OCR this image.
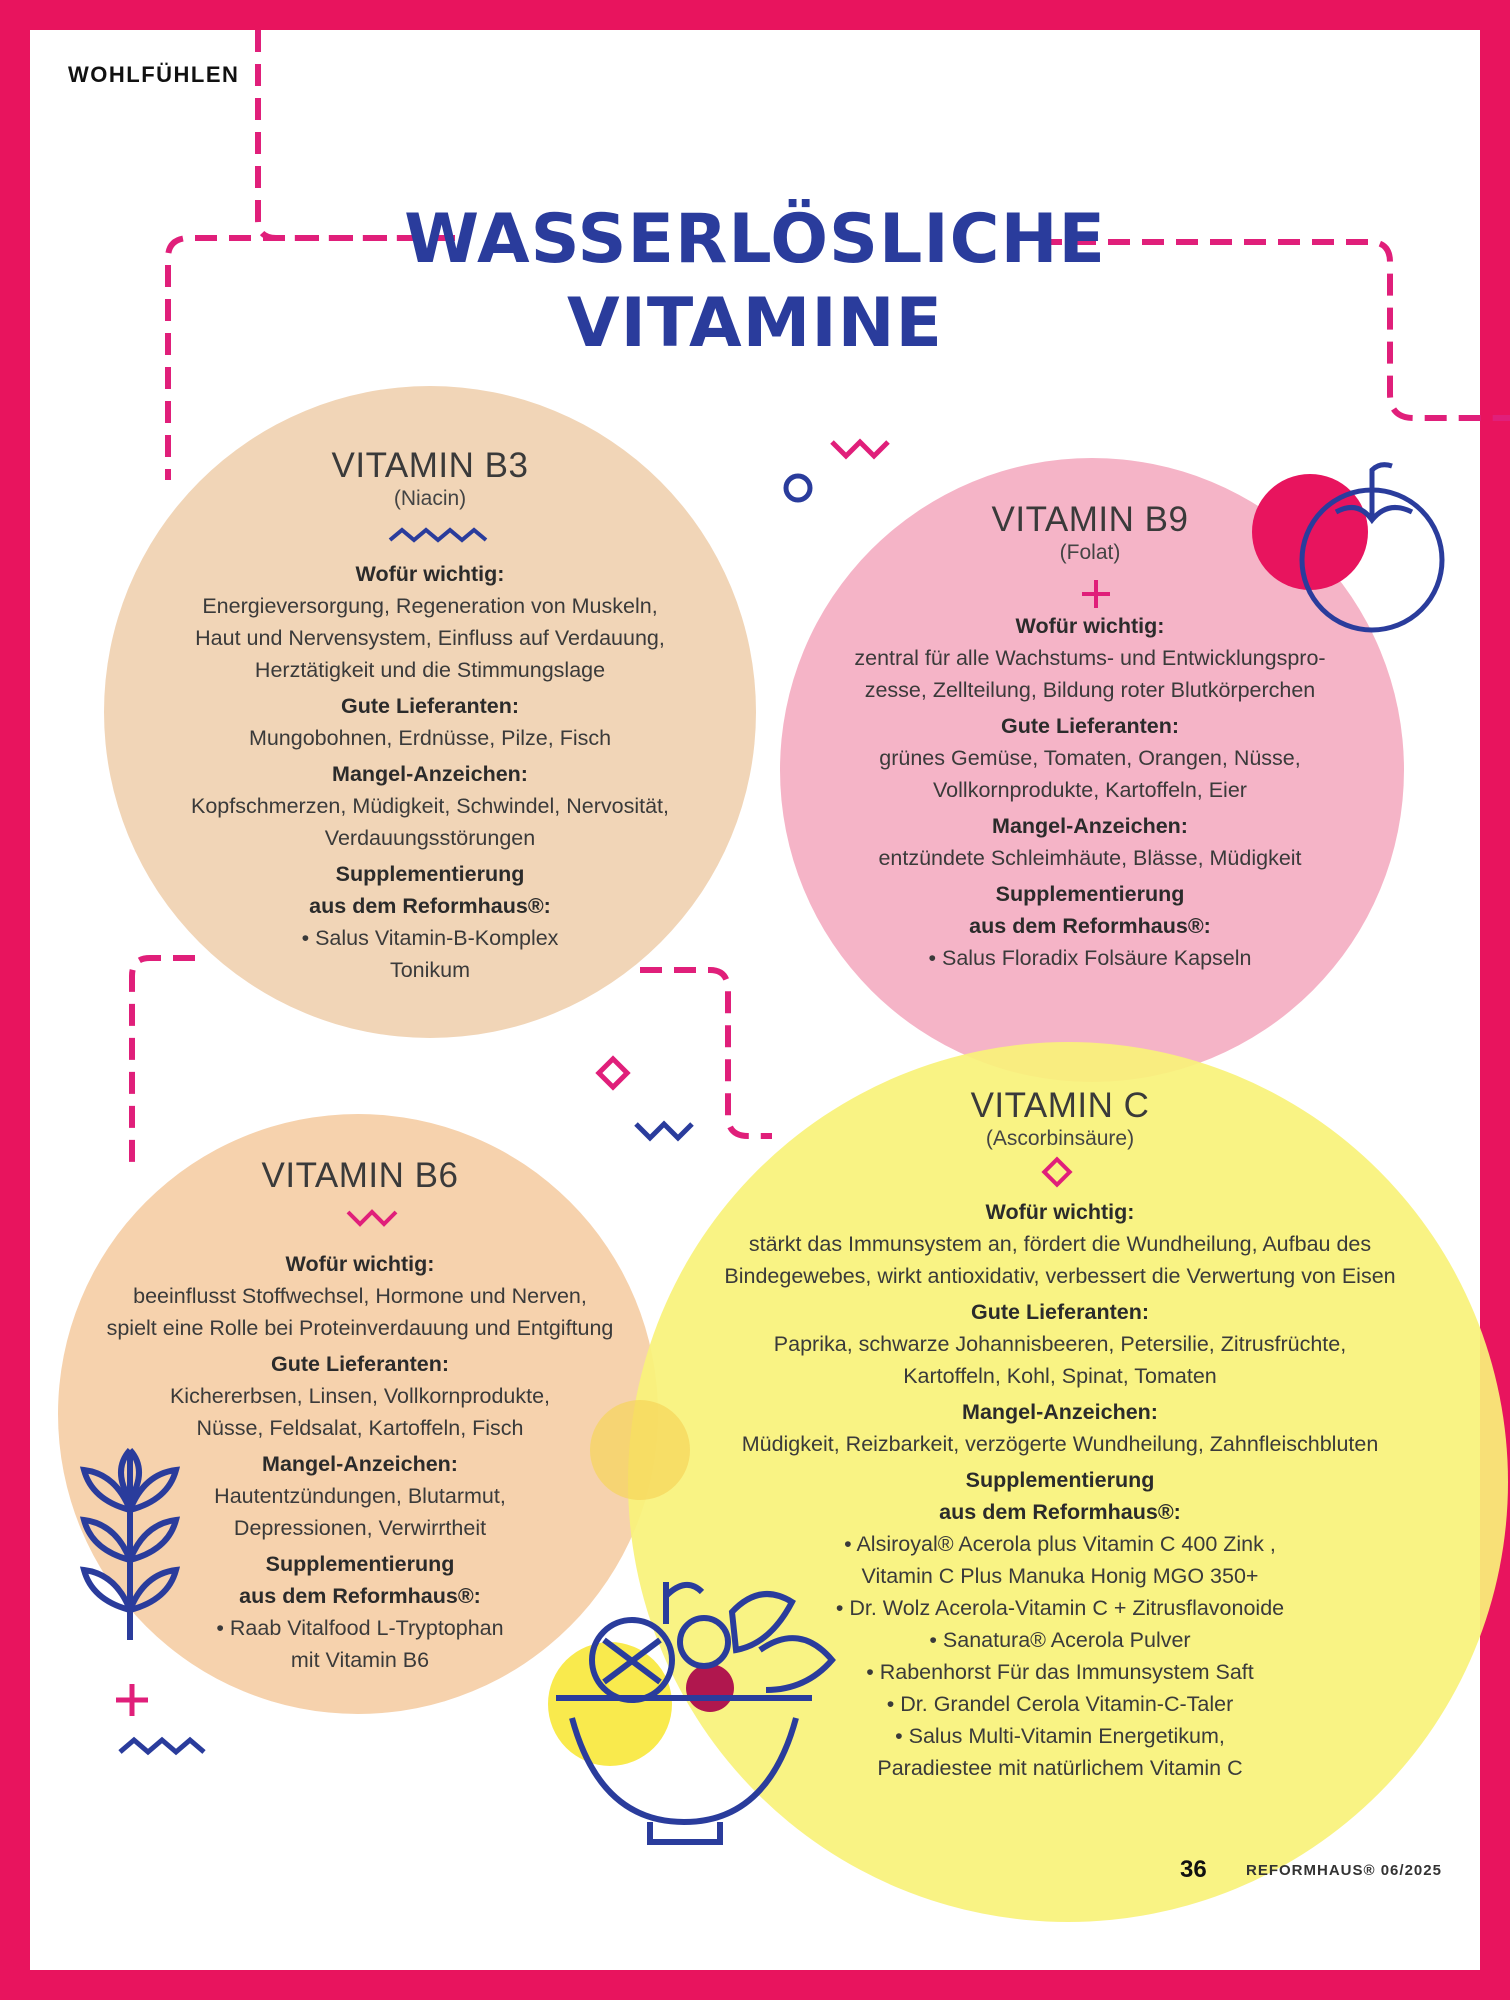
WOHLFÜHLEN
WASSERLÖSLICHE
VITAMINE
VITAMIN B3
(Niacin)
Wofür wichtig:
Energieversorgung, Regeneration von Muskeln,
Haut und Nervensystem, Einfluss auf Verdauung,
Herztätigkeit und die Stimmungslage
Gute Lieferanten:
Mungobohnen, Erdnüsse, Pilze, Fisch
Mangel-Anzeichen:
Kopfschmerzen, Müdigkeit, Schwindel, Nervosität,
Verdauungsstörungen
Supplementierung
aus dem Reformhaus®:
• Salus Vitamin-B-Komplex
Tonikum
VITAMIN B9
(Folat)
Wofür wichtig:
zentral für alle Wachstums- und Entwicklungspro-
zesse, Zellteilung, Bildung roter Blutkörperchen
Gute Lieferanten:
grünes Gemüse, Tomaten, Orangen, Nüsse,
Vollkornprodukte, Kartoffeln, Eier
Mangel-Anzeichen:
entzündete Schleimhäute, Blässe, Müdigkeit
Supplementierung
aus dem Reformhaus®:
• Salus Floradix Folsäure Kapseln
VITAMIN B6
Wofür wichtig:
beeinflusst Stoffwechsel, Hormone und Nerven,
spielt eine Rolle bei Proteinverdauung und Entgiftung
Gute Lieferanten:
Kichererbsen, Linsen, Vollkornprodukte,
Nüsse, Feldsalat, Kartoffeln, Fisch
Mangel-Anzeichen:
Hautentzündungen, Blutarmut,
Depressionen, Verwirrtheit
Supplementierung
aus dem Reformhaus®:
• Raab Vitalfood L-Tryptophan
mit Vitamin B6
VITAMIN C
(Ascorbinsäure)
Wofür wichtig:
stärkt das Immunsystem an, fördert die Wundheilung, Aufbau des
Bindegewebes, wirkt antioxidativ, verbessert die Verwertung von Eisen
Gute Lieferanten:
Paprika, schwarze Johannisbeeren, Petersilie, Zitrusfrüchte,
Kartoffeln, Kohl, Spinat, Tomaten
Mangel-Anzeichen:
Müdigkeit, Reizbarkeit, verzögerte Wundheilung, Zahnfleischbluten
Supplementierung
aus dem Reformhaus®:
• Alsiroyal® Acerola plus Vitamin C 400 Zink ,
Vitamin C Plus Manuka Honig MGO 350+
• Dr. Wolz Acerola-Vitamin C + Zitrusflavonoide
• Sanatura® Acerola Pulver
• Rabenhorst Für das Immunsystem Saft
• Dr. Grandel Cerola Vitamin-C-Taler
• Salus Multi-Vitamin Energetikum,
Paradiestee mit natürlichem Vitamin C
36	REFORMHAUS® 06/2025
